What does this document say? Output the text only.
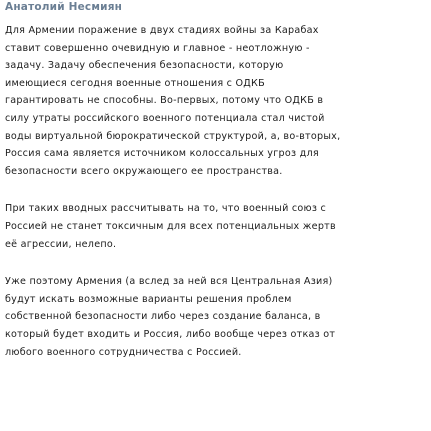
Анатолий Несмиян
Для Армении поражение в двух стадиях войны за Карабах
ставит совершенно очевидную и главное - неотложную -
задачу. Задачу обеспечения безопасности, которую
имеющиеся сегодня военные отношения с ОДКБ
гарантировать не способны. Во-первых, потому что ОДКБ в
силу утраты российского военного потенциала стал чистой
воды виртуальной бюрократической структурой, а, во-вторых,
Россия сама является источником колоссальных угроз для
безопасности всего окружающего ее пространства.
При таких вводных рассчитывать на то, что военный союз с
Россией не станет токсичным для всех потенциальных жертв
её агрессии, нелепо.
Уже поэтому Армения (а вслед за ней вся Центральная Азия)
будут искать возможные варианты решения проблем
собственной безопасности либо через создание баланса, в
который будет входить и Россия, либо вообще через отказ от
любого военного сотрудничества с Россией.
